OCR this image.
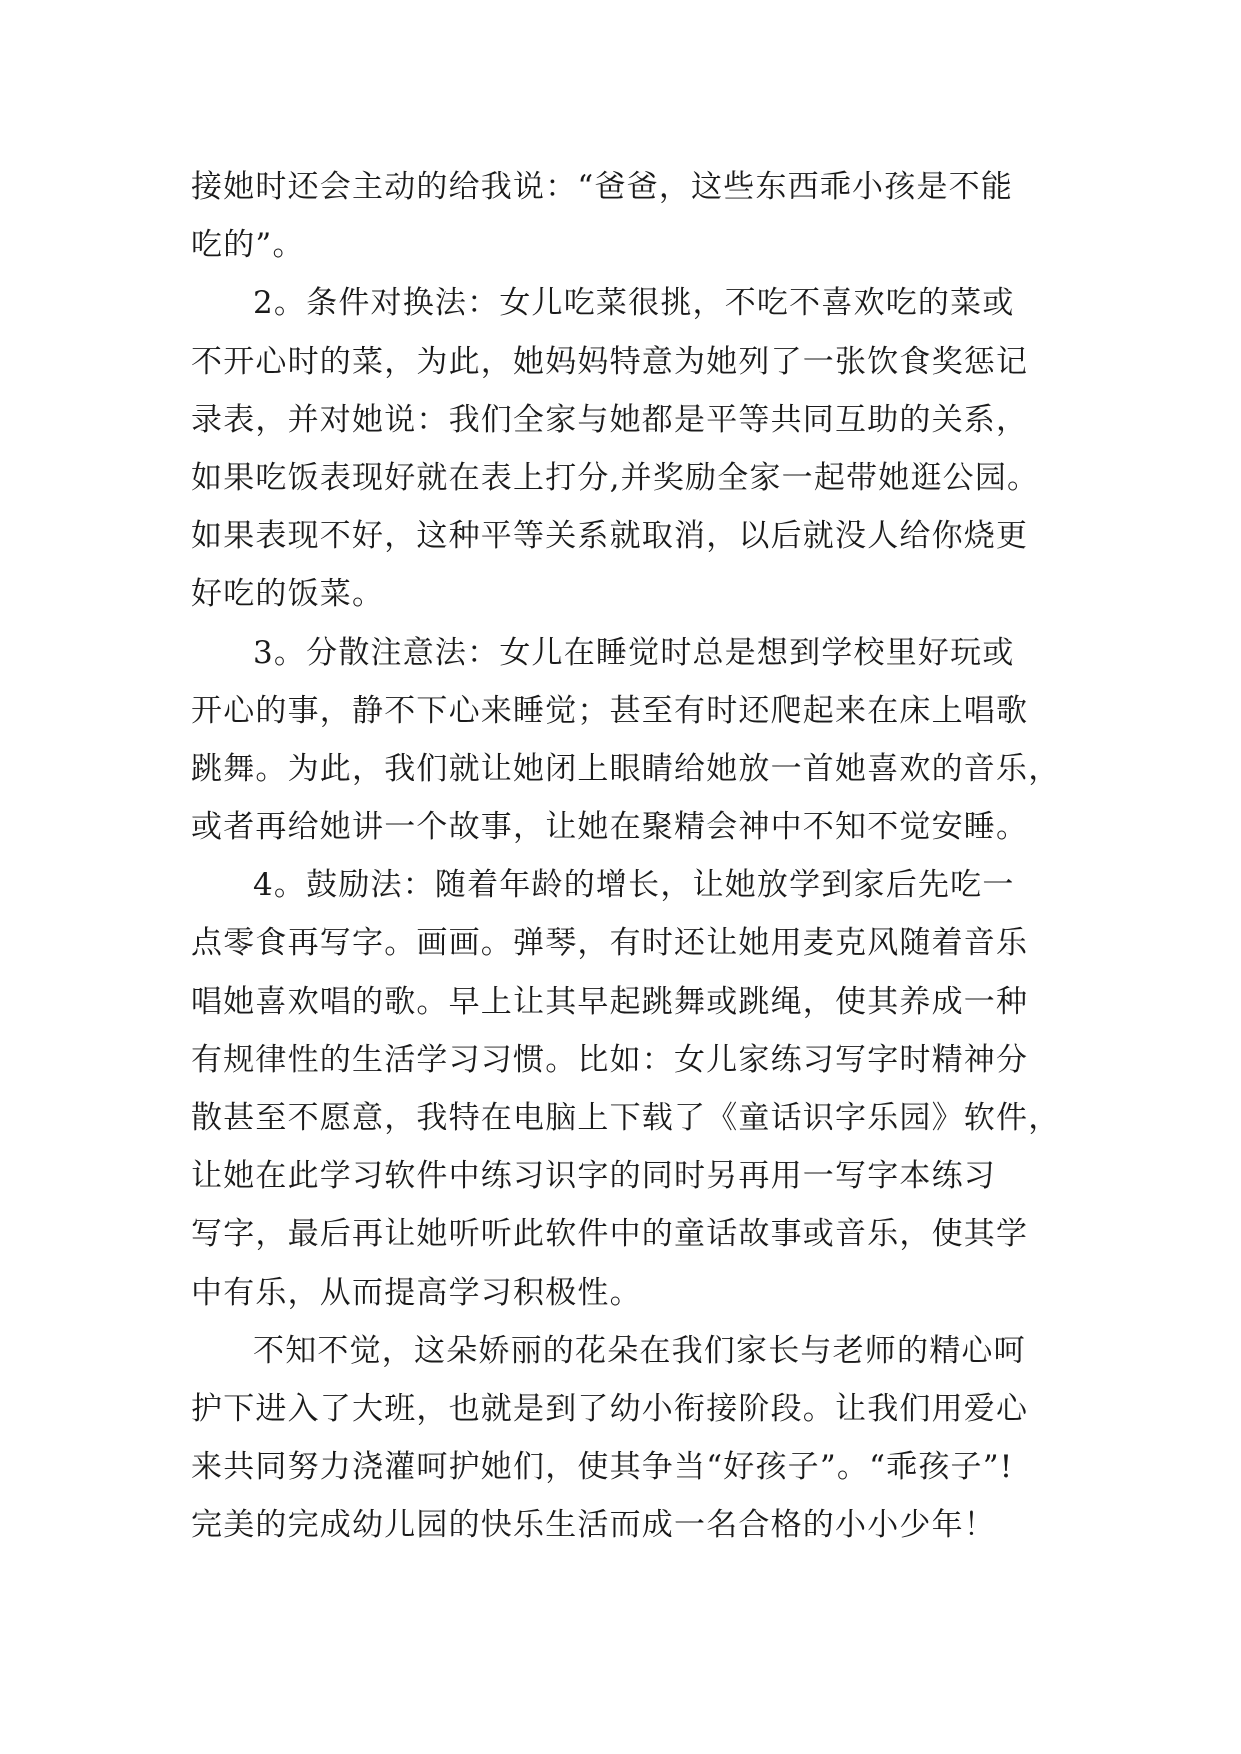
接她时还会主动的给我说：“爸爸，这些东西乖小孩是不能
吃的”。
2。条件对换法：女儿吃菜很挑，不吃不喜欢吃的菜或
不开心时的菜，为此，她妈妈特意为她列了一张饮食奖惩记
录表，并对她说：我们全家与她都是平等共同互助的关系，
如果吃饭表现好就在表上打分,并奖励全家一起带她逛公园。
如果表现不好，这种平等关系就取消，以后就没人给你烧更
好吃的饭菜。
3。分散注意法：女儿在睡觉时总是想到学校里好玩或
开心的事，静不下心来睡觉；甚至有时还爬起来在床上唱歌
跳舞。为此，我们就让她闭上眼睛给她放一首她喜欢的音乐，
或者再给她讲一个故事，让她在聚精会神中不知不觉安睡。
4。鼓励法：随着年龄的增长，让她放学到家后先吃一
点零食再写字。画画。弹琴，有时还让她用麦克风随着音乐
唱她喜欢唱的歌。早上让其早起跳舞或跳绳，使其养成一种
有规律性的生活学习习惯。比如：女儿家练习写字时精神分
散甚至不愿意，我特在电脑上下载了《童话识字乐园》软件，
让她在此学习软件中练习识字的同时另再用一写字本练习
写字，最后再让她听听此软件中的童话故事或音乐，使其学
中有乐，从而提高学习积极性。
不知不觉，这朵娇丽的花朵在我们家长与老师的精心呵
护下进入了大班，也就是到了幼小衔接阶段。让我们用爱心
来共同努力浇灌呵护她们，使其争当“好孩子”。“乖孩子”!
完美的完成幼儿园的快乐生活而成一名合格的小小少年！
